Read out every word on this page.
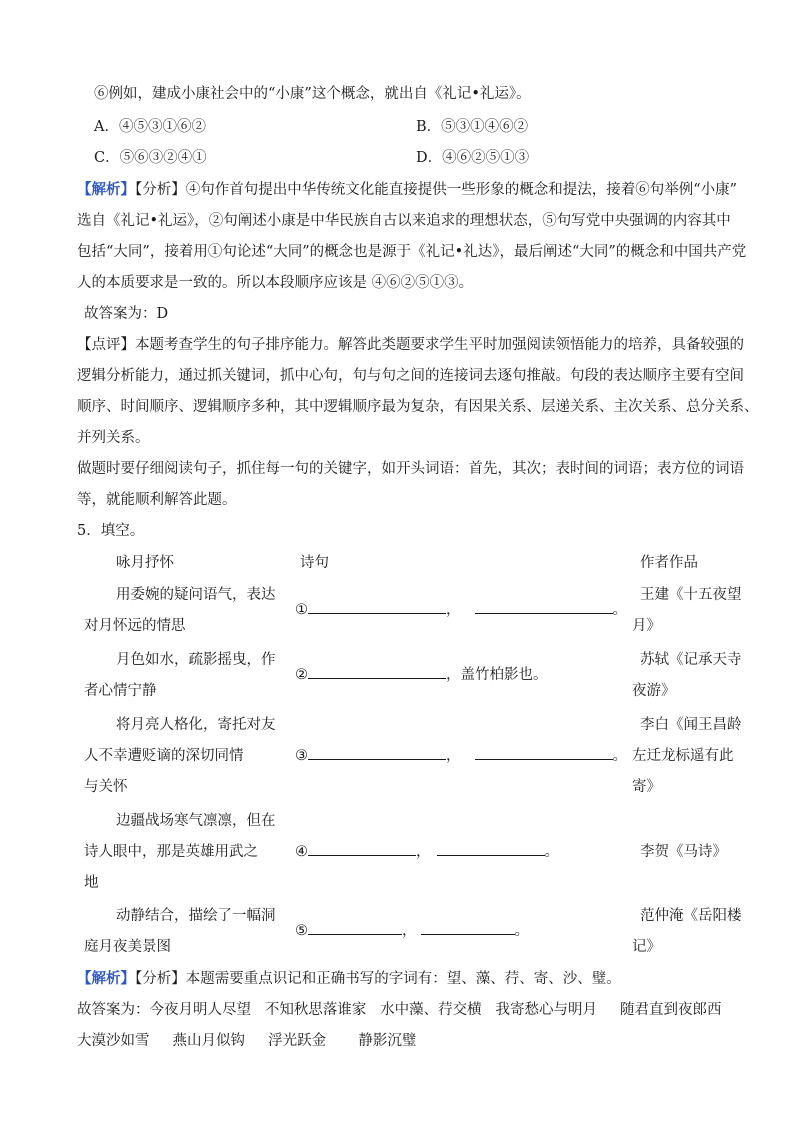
⑥例如，建成小康社会中的“小康”这个概念，就出自《礼记•礼运》。
A．④⑤③①⑥②	B．⑤③①④⑥②
C．⑤⑥③②④①	D．④⑥②⑤①③
【解析】【分析】④句作首句提出中华传统文化能直接提供一些形象的概念和提法，接着⑥句举例“小康”
选自《礼记•礼运》，②句阐述小康是中华民族自古以来追求的理想状态，⑤句写党中央强调的内容其中
包括“大同”，接着用①句论述“大同”的概念也是源于《礼记•礼达》，最后阐述“大同”的概念和中国共产党
人的本质要求是一致的。所以本段顺序应该是 ④⑥②⑤①③。
故答案为：D
【点评】本题考查学生的句子排序能力。解答此类题要求学生平时加强阅读领悟能力的培养，具备较强的
逻辑分析能力，通过抓关键词，抓中心句，句与句之间的连接词去逐句推敲。句段的表达顺序主要有空间
顺序、时间顺序、逻辑顺序多种，其中逻辑顺序最为复杂，有因果关系、层递关系、主次关系、总分关系、
并列关系。
做题时要仔细阅读句子，抓住每一句的关键字，如开头词语：首先，其次；表时间的词语；表方位的词语
等，就能顺利解答此题。
5．填空。
咏月抒怀	诗句	作者作品
用委婉的疑问语气，表达
对月怀远的情思
①	，	。
王建《十五夜望
月》
月色如水，疏影摇曳，作
者心情宁静
②	，盖竹柏影也。
苏轼《记承天寺
夜游》
将月亮人格化，寄托对友
人不幸遭贬谪的深切同情
与关怀
③	，	。
李白《闻王昌龄
左迁龙标遥有此
寄》
边疆战场寒气凛凛，但在
诗人眼中，那是英雄用武之
地
④	，	。	李贺《马诗》
动静结合，描绘了一幅洞
庭月夜美景图
⑤	，	。
范仲淹《岳阳楼
记》
【解析】【分析】本题需要重点识记和正确书写的字词有：望、藻、荇、寄、沙、璧。
故答案为：今夜月明人尽望   不知秋思落谁家   水中藻、荇交横   我寄愁心与明月     随君直到夜郎西
大漠沙如雪     燕山月似钩     浮光跃金       静影沉璧
